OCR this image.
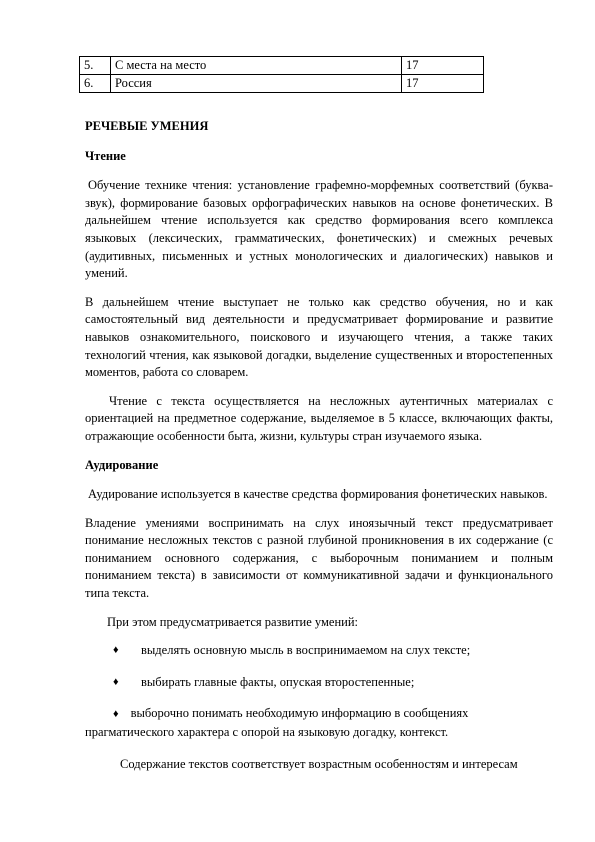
5.	С места на место	17
6.	Россия	17
РЕЧЕВЫЕ УМЕНИЯ
Чтение

Обучение технике чтения: установление графемно-морфемных соответствий (буква-звук), формирование базовых орфографических навыков на основе фонетических. В дальнейшем чтение используется как средство формирования всего комплекса языковых (лексических, грамматических, фонетических) и смежных речевых (аудитивных, письменных и устных монологических и диалогических) навыков и умений.

В дальнейшем чтение выступает не только как средство обучения, но и как самостоятельный вид деятельности и предусматривает формирование и развитие навыков ознакомительного, поискового и изучающего чтения, а также таких технологий чтения, как языковой догадки, выделение существенных и второстепенных моментов, работа со словарем.

Чтение с текста осуществляется на несложных аутентичных материалах с ориентацией на предметное содержание, выделяемое в 5 классе, включающих факты, отражающие особенности быта, жизни, культуры стран изучаемого языка.

Аудирование

Аудирование используется в качестве средства формирования фонетических навыков.

Владение умениями воспринимать на слух иноязычный текст предусматривает понимание несложных текстов с разной глубиной проникновения в их содержание (с пониманием основного содержания, с выборочным пониманием и полным пониманием текста) в зависимости от коммуникативной задачи и функционального типа текста.

При этом предусматривается развитие умений:

♦ выделять основную мысль в воспринимаемом на слух тексте;
♦ выбирать главные факты, опуская второстепенные;
♦ выборочно понимать необходимую информацию в сообщениях прагматического характера с опорой на языковую догадку, контекст.

Содержание текстов соответствует возрастным особенностям и интересам
